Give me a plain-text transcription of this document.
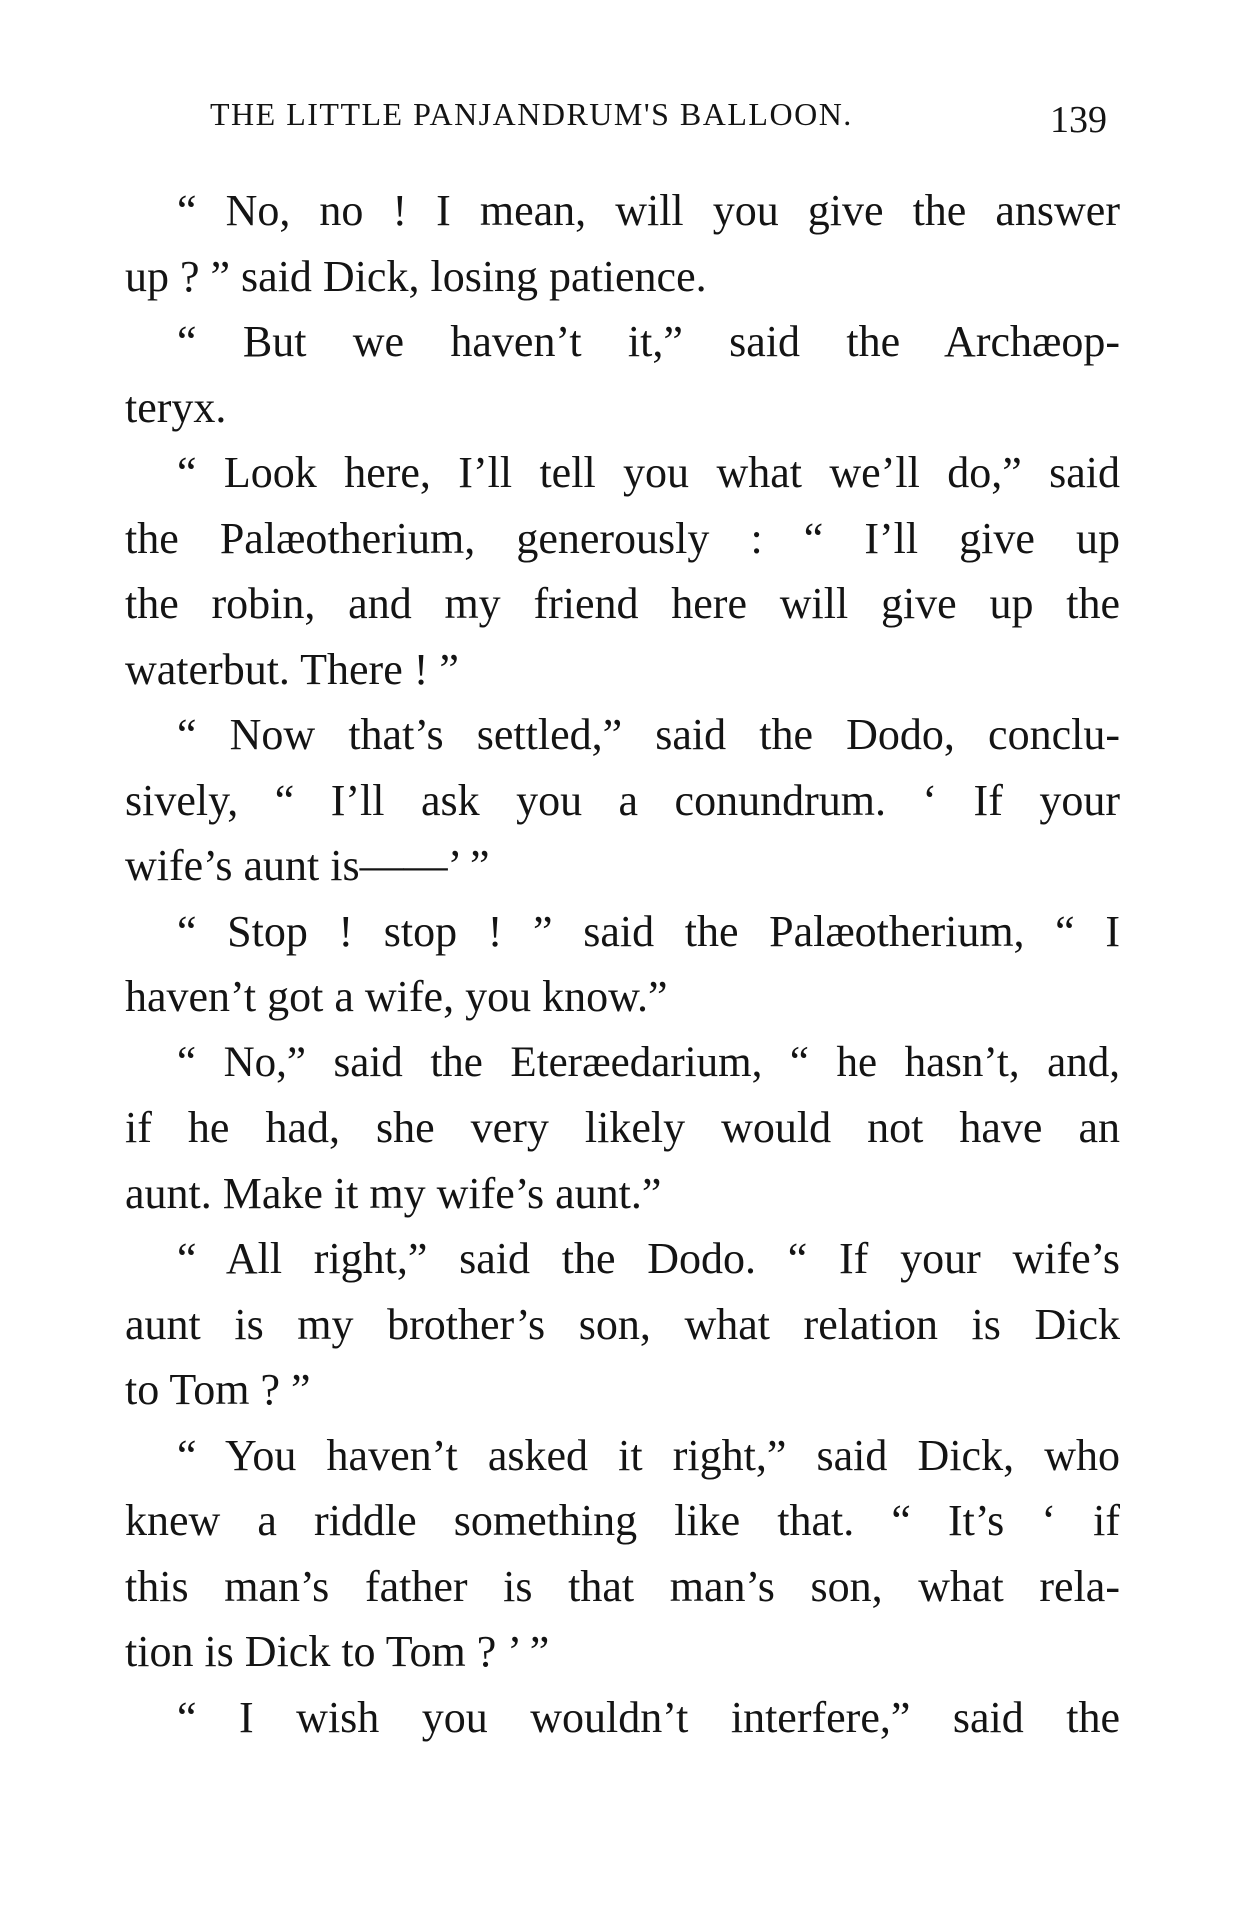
THE LITTLE PANJANDRUM'S BALLOON.	139
“ No, no ! I mean, will you give the answer
up ? ” said Dick, losing patience.
“ But we haven’t it,” said the Archæop-
teryx.
“ Look here, I’ll tell you what we’ll do,” said
the Palæotherium, generously : “ I’ll give up
the robin, and my friend here will give up the
waterbut. There ! ”
“ Now that’s settled,” said the Dodo, conclu-
sively, “ I’ll ask you a conundrum. ‘ If your
wife’s aunt is——’ ”
“ Stop ! stop ! ” said the Palæotherium, “ I
haven’t got a wife, you know.”
“ No,” said the Eteræedarium, “ he hasn’t, and,
if he had, she very likely would not have an
aunt. Make it my wife’s aunt.”
“ All right,” said the Dodo. “ If your wife’s
aunt is my brother’s son, what relation is Dick
to Tom ? ”
“ You haven’t asked it right,” said Dick, who
knew a riddle something like that. “ It’s ‘ if
this man’s father is that man’s son, what rela-
tion is Dick to Tom ? ’ ”
“ I wish you wouldn’t interfere,” said the
